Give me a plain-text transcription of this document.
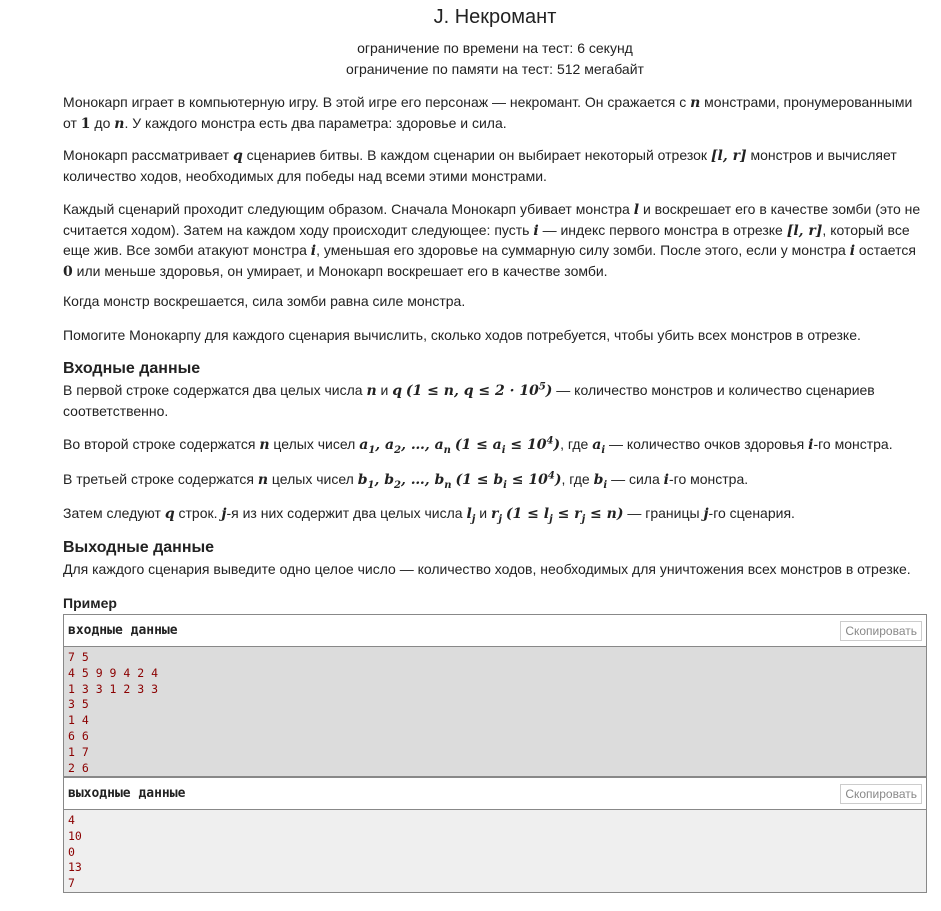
J. Некромант
ограничение по времени на тест: 6 секунд
ограничение по памяти на тест: 512 мегабайт
Монокарп играет в компьютерную игру. В этой игре его персонаж — некромант. Он сражается с n монстрами, пронумерованными от 1 до n. У каждого монстра есть два параметра: здоровье и сила.
Монокарп рассматривает q сценариев битвы. В каждом сценарии он выбирает некоторый отрезок [l, r] монстров и вычисляет количество ходов, необходимых для победы над всеми этими монстрами.
Каждый сценарий проходит следующим образом. Сначала Монокарп убивает монстра l и воскрешает его в качестве зомби (это не считается ходом). Затем на каждом ходу происходит следующее: пусть i — индекс первого монстра в отрезке [l, r], который все еще жив. Все зомби атакуют монстра i, уменьшая его здоровье на суммарную силу зомби. После этого, если у монстра i остается 0 или меньше здоровья, он умирает, и Монокарп воскрешает его в качестве зомби.
Когда монстр воскрешается, сила зомби равна силе монстра.
Помогите Монокарпу для каждого сценария вычислить, сколько ходов потребуется, чтобы убить всех монстров в отрезке.
Входные данные
В первой строке содержатся два целых числа n и q (1 ≤ n, $q \le 2 \cdot 10^5$) — количество монстров и количество сценариев соответственно.
Во второй строке содержатся n целых чисел $a_1$, $a_2$, …, $a_n$ $(1 \le a_i \le 10^4)$, где $a_i$ — количество очков здоровья i-го монстра.
В третьей строке содержатся n целых чисел $b_1$, $b_2$, …, $b_n$ $(1 \le b_i \le 10^4)$, где $b_i$ — сила i-го монстра.
Затем следуют q строк. j-я из них содержит два целых числа $l_j$ и $r_j$ $(1 \le l_j \le r_j \le n)$ — границы j-го сценария.
Выходные данные
Для каждого сценария выведите одно целое число — количество ходов, необходимых для уничтожения всех монстров в отрезке.
Пример
входные данные	Скопировать
7 5
4 5 9 9 4 2 4
1 3 3 1 2 3 3
3 5
1 4
6 6
1 7
2 6
выходные данные	Скопировать
4
10
0
13
7
